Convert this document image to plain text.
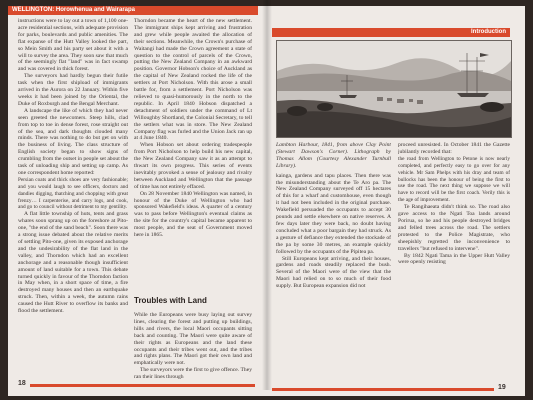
WELLINGTON: Horowhenua and Wairarapa
Introduction

instructions were to lay out a town of 1,100 one-acre residential sections, with adequate provision for parks, boulevards and public amenities. The flat expanse of the Hutt Valley looked the part, so Mein Smith and his party set about it with a will to survey the area. They soon saw that much of the seemingly flat "land" was in fact swamp and was covered in thick forest.

The surveyors had hardly begun their futile task when the first shipload of immigrants arrived in the Aurora on 22 January. Within five weeks it had been joined by the Oriental, the Duke of Roxburgh and the Bengal Merchant.

A landscape the like of which they had never seen greeted the newcomers. Steep hills, clad from top to toe in dense forest, rose straight out of the sea, and dark thoughts clouded many minds. There was nothing to do but get on with the business of living. The class structure of English society began to show signs of crumbling from the outset in people set about the task of unloading ship and setting up camp. As one correspondent home reported:

Persian coats and thick shoes are very fashionable; and you would laugh to see officers, doctors and dandies digging, thatching and chopping with great frenzy… I carpenterise, and carry logs, and cook, and go to council without detriment to my gentility.

A flat little township of huts, tents and grass whares soon sprang up on the foreshore at Pito-one, "the end of the sand beach". Soon there was a strong issue debated about the relative merits of settling Pito-one, given its exposed anchorage and the undesirability of the flat land in the valley, and Thorndon which had an excellent anchorage and a reasonable though insufficient amount of land suitable for a town. This debate turned quickly in favour of the Thorndon faction in May when, in a short space of time, a fire destroyed many houses and then an earthquake struck. Then, within a week, the autumn rains caused the Hutt River to overflow its banks and flood the settlement.

Thorndon became the heart of the new settlement. The immigrant ships kept arriving and frustration and grew while people awaited the allocation of their sections. Meanwhile, the Crown's purchase of Waitangi had made the Crown agreement a state of question to the control of parcels of the Crown, putting the New Zealand Company in an awkward position. Governor Hobson's choice of Auckland as the capital of New Zealand rocked the life of the settlers at Port Nicholson. With this arose a small battle for, from a settlement. Port Nicholson was relieved to quasi-humorously in the north to the republic. In April 1840 Hobson dispatched a detachment of soldiers under the command of Lt Willoughby Shortland, the Colonial Secretary, to tell the settlers what was in store. The New Zealand Company flag was furled and the Union Jack ran up at 4 June 1840.

When Hobson set about ordering tradespeople from Port Nicholson to help build his new capital, the New Zealand Company saw it as an attempt to thwart its own progress. This series of events inevitably provoked a sense of jealousy and rivalry between Auckland and Wellington that the passage of time has not entirely effaced.

On 28 November 1840 Wellington was named, in honour of the Duke of Wellington who had sponsored Wakefield's ideas. A quarter of a century was to pass before Wellington's eventual claims as the site for the country's capital became apparent to most people, and the seat of Government moved here in 1865.

Troubles with Land

While the Europeans were busy laying out survey lines, clearing the forest and putting up buildings, hills and rivers, the local Maori occupants sitting back and counting. The Maori were quite aware of their rights as Europeans and the land these occupants and their tribes went out, and the tribes and rights plans. The Maori got their own land and emphatically were not.

The surveyors were the first to give offence. They ran their lines through

Lambton Harbour, 1841, from above Clay Point (Stewart Dawson's Corner). Lithograph by Thomas Allom (Courtesy Alexander Turnbull Library).

kainga, gardens and tapu places. Then there was the misunderstanding about the Te Aro pa. The New Zealand Company surveyed off 15 hectares of this for a wharf and customhouse, even though it had not been included in the original purchase. Wakefield persuaded the occupants to accept 30 pounds and settle elsewhere on native reserves. A few days later they were back, no doubt having concluded what a poor bargain they had struck. As a gesture of defiance they extended the stockade of the pa by some 30 metres, an example quickly followed by the occupants of the Pipitea pa.

Still Europeans kept arriving, and their houses, gardens and roads steadily replaced the bush. Several of the Maori were of the view that the Maori had relied on to so much of their food supply. But European expansion did not

proceed unresisted. In October 1841 the Gazette jubilantly recorded that:

the road from Wellington to Petone is now nearly completed, and perfectly easy to go over for any vehicle. Mr Sam Phelps with his dray and team of bullocks has been the honour of being the first to use the road. The next thing we suppose we will have to record will be the first coach. Verily this is the age of improvement.

Te Rangihaeata didn't think so. The road also gave access to the Ngati Toa lands around Porirua, so he and his people destroyed bridges and felled trees across the road. The settlers protested to the Police Magistrate, who sheepishly regretted the inconvenience to travellers "but refused to intervene".

By 1842 Ngati Tama in the Upper Hutt Valley were openly resisting

18
19
